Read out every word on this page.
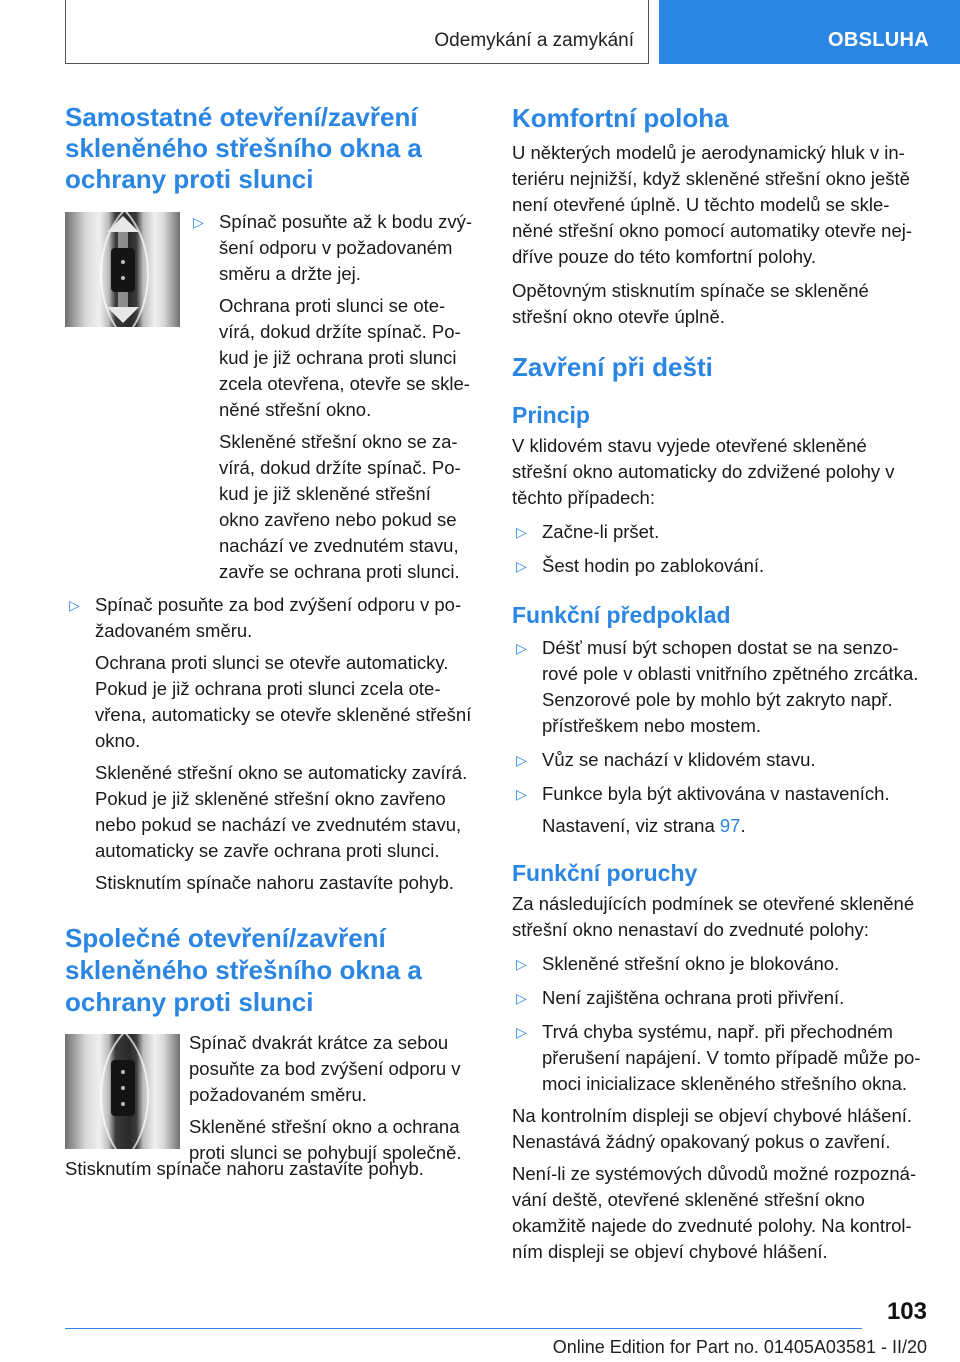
Odemykání a zamykání	OBSLUHA
Samostatné otevření/zavření
skleněného střešního okna a
ochrany proti slunci
▷ Spínač posuňte až k bodu zvý-
šení odporu v požadovaném
směru a držte jej.
Ochrana proti slunci se ote-
vírá, dokud držíte spínač. Po-
kud je již ochrana proti slunci
zcela otevřena, otevře se skle-
něné střešní okno.
Skleněné střešní okno se za-
vírá, dokud držíte spínač. Po-
kud je již skleněné střešní
okno zavřeno nebo pokud se
nachází ve zvednutém stavu,
zavře se ochrana proti slunci.
▷ Spínač posuňte za bod zvýšení odporu v po-
žadovaném směru.
Ochrana proti slunci se otevře automaticky.
Pokud je již ochrana proti slunci zcela ote-
vřena, automaticky se otevře skleněné střešní
okno.
Skleněné střešní okno se automaticky zavírá.
Pokud je již skleněné střešní okno zavřeno
nebo pokud se nachází ve zvednutém stavu,
automaticky se zavře ochrana proti slunci.
Stisknutím spínače nahoru zastavíte pohyb.
Společné otevření/zavření
skleněného střešního okna a
ochrany proti slunci
Spínač dvakrát krátce za sebou
posuňte za bod zvýšení odporu v
požadovaném směru.
Skleněné střešní okno a ochrana
proti slunci se pohybují společně.
Stisknutím spínače nahoru zastavíte pohyb.
Komfortní poloha
U některých modelů je aerodynamický hluk v in-
teriéru nejnižší, když skleněné střešní okno ještě
není otevřené úplně. U těchto modelů se skle-
něné střešní okno pomocí automatiky otevře nej-
dříve pouze do této komfortní polohy.
Opětovným stisknutím spínače se skleněné
střešní okno otevře úplně.
Zavření při dešti
Princip
V klidovém stavu vyjede otevřené skleněné
střešní okno automaticky do zdvižené polohy v
těchto případech:
▷ Začne-li pršet.
▷ Šest hodin po zablokování.
Funkční předpoklad
▷ Déšť musí být schopen dostat se na senzo-
rové pole v oblasti vnitřního zpětného zrcátka.
Senzorové pole by mohlo být zakryto např.
přístřeškem nebo mostem.
▷ Vůz se nachází v klidovém stavu.
▷ Funkce byla být aktivována v nastaveních.
Nastavení, viz strana 97.
Funkční poruchy
Za následujících podmínek se otevřené skleněné
střešní okno nenastaví do zvednuté polohy:
▷ Skleněné střešní okno je blokováno.
▷ Není zajištěna ochrana proti přivření.
▷ Trvá chyba systému, např. při přechodném
přerušení napájení. V tomto případě může po-
moci inicializace skleněného střešního okna.
Na kontrolním displeji se objeví chybové hlášení.
Nenastává žádný opakovaný pokus o zavření.
Není-li ze systémových důvodů možné rozpozná-
vání deště, otevřené skleněné střešní okno
okamžitě najede do zvednuté polohy. Na kontrol-
ním displeji se objeví chybové hlášení.
103
Online Edition for Part no. 01405A03581 - II/20
